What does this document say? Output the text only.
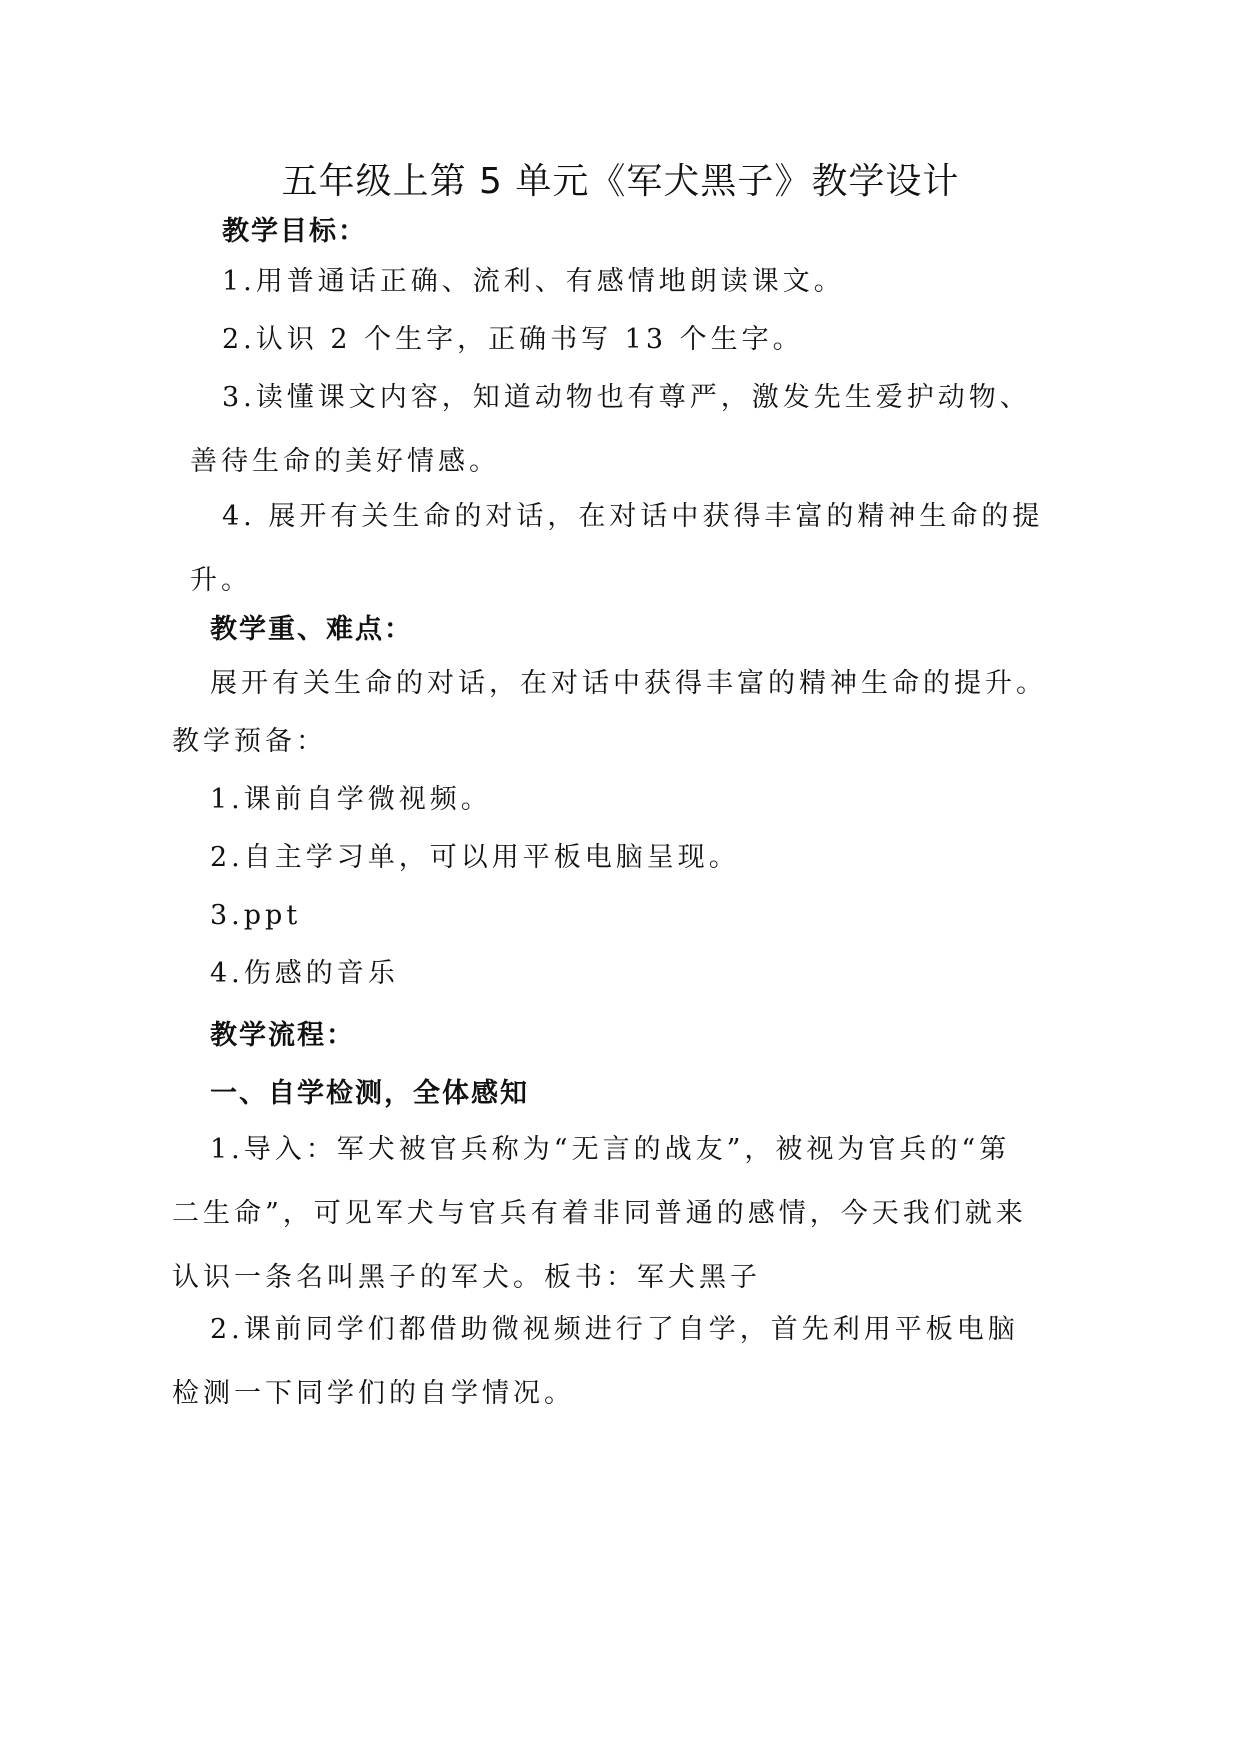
五年级上第 5 单元《军犬黑子》教学设计
教学目标：
1.用普通话正确、流利、有感情地朗读课文。
2.认识 2 个生字，正确书写 13 个生字。
3.读懂课文内容，知道动物也有尊严，激发先生爱护动物、善待生命的美好情感。
4. 展开有关生命的对话，在对话中获得丰富的精神生命的提升。
教学重、难点：
展开有关生命的对话，在对话中获得丰富的精神生命的提升。
教学预备：
1.课前自学微视频。
2.自主学习单，可以用平板电脑呈现。
3.ppt
4.伤感的音乐
教学流程：
一、自学检测，全体感知
1.导入：军犬被官兵称为“无言的战友”，被视为官兵的“第二生命”，可见军犬与官兵有着非同普通的感情，今天我们就来认识一条名叫黑子的军犬。板书：军犬黑子
2.课前同学们都借助微视频进行了自学，首先利用平板电脑检测一下同学们的自学情况。
